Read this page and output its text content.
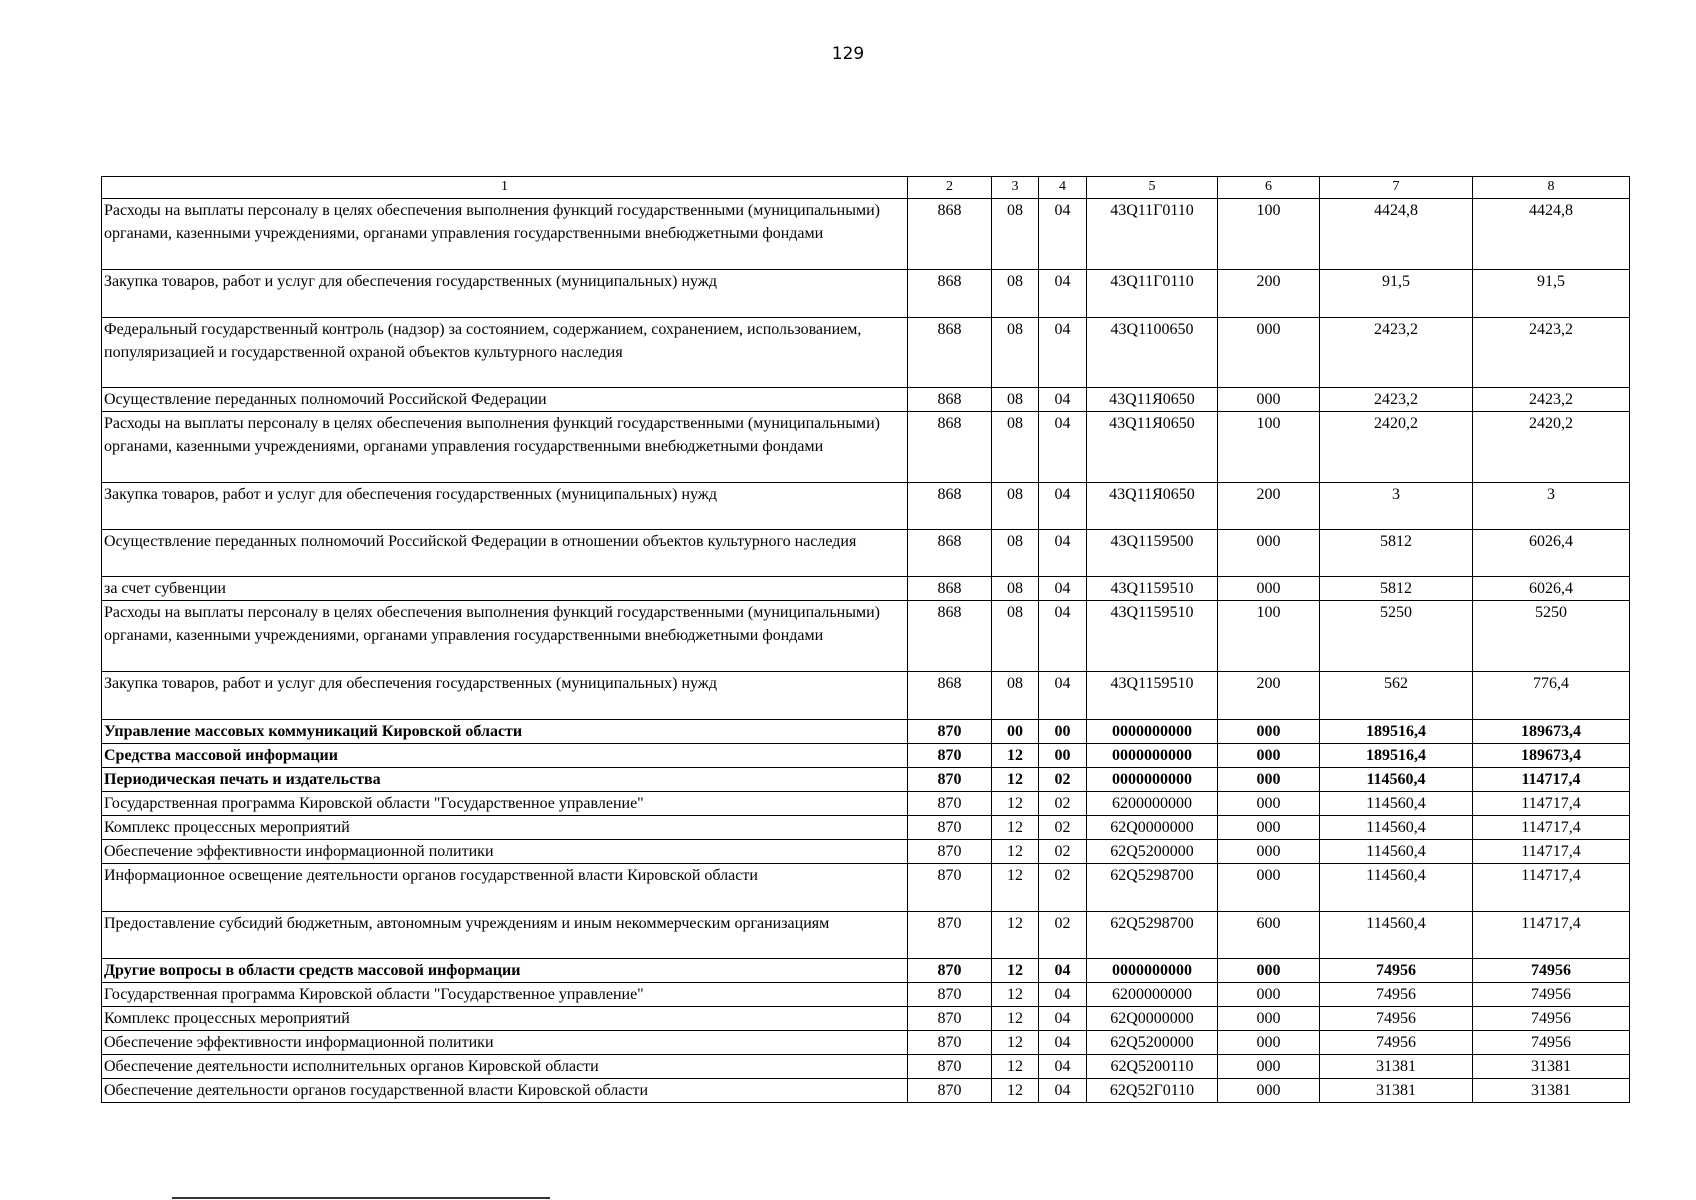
129
1	2	3	4	5	6	7	8
Расходы на выплаты персоналу в целях обеспечения выполнения функций государственными (муниципальными) органами, казенными учреждениями, органами управления государственными внебюджетными фондами	868	08	04	43Q11Г0110	100	4424,8	4424,8
Закупка товаров, работ и услуг для обеспечения государственных (муниципальных) нужд	868	08	04	43Q11Г0110	200	91,5	91,5
Федеральный государственный контроль (надзор) за состоянием, содержанием, сохранением, использованием, популяризацией и государственной охраной объектов культурного наследия	868	08	04	43Q1100650	000	2423,2	2423,2
Осуществление переданных полномочий Российской Федерации	868	08	04	43Q11Я0650	000	2423,2	2423,2
Расходы на выплаты персоналу в целях обеспечения выполнения функций государственными (муниципальными) органами, казенными учреждениями, органами управления государственными внебюджетными фондами	868	08	04	43Q11Я0650	100	2420,2	2420,2
Закупка товаров, работ и услуг для обеспечения государственных (муниципальных) нужд	868	08	04	43Q11Я0650	200	3	3
Осуществление переданных полномочий Российской Федерации в отношении объектов культурного наследия	868	08	04	43Q1159500	000	5812	6026,4
за счет субвенции	868	08	04	43Q1159510	000	5812	6026,4
Расходы на выплаты персоналу в целях обеспечения выполнения функций государственными (муниципальными) органами, казенными учреждениями, органами управления государственными внебюджетными фондами	868	08	04	43Q1159510	100	5250	5250
Закупка товаров, работ и услуг для обеспечения государственных (муниципальных) нужд	868	08	04	43Q1159510	200	562	776,4
Управление массовых коммуникаций Кировской области	870	00	00	0000000000	000	189516,4	189673,4
Средства массовой информации	870	12	00	0000000000	000	189516,4	189673,4
Периодическая печать и издательства	870	12	02	0000000000	000	114560,4	114717,4
Государственная программа Кировской области "Государственное управление"	870	12	02	6200000000	000	114560,4	114717,4
Комплекс процессных мероприятий	870	12	02	62Q0000000	000	114560,4	114717,4
Обеспечение эффективности информационной политики	870	12	02	62Q5200000	000	114560,4	114717,4
Информационное освещение деятельности органов государственной власти Кировской области	870	12	02	62Q5298700	000	114560,4	114717,4
Предоставление субсидий бюджетным, автономным учреждениям и иным некоммерческим организациям	870	12	02	62Q5298700	600	114560,4	114717,4
Другие вопросы в области средств массовой информации	870	12	04	0000000000	000	74956	74956
Государственная программа Кировской области "Государственное управление"	870	12	04	6200000000	000	74956	74956
Комплекс процессных мероприятий	870	12	04	62Q0000000	000	74956	74956
Обеспечение эффективности информационной политики	870	12	04	62Q5200000	000	74956	74956
Обеспечение деятельности исполнительных органов Кировской области	870	12	04	62Q5200110	000	31381	31381
Обеспечение деятельности органов государственной власти Кировской области	870	12	04	62Q52Г0110	000	31381	31381
